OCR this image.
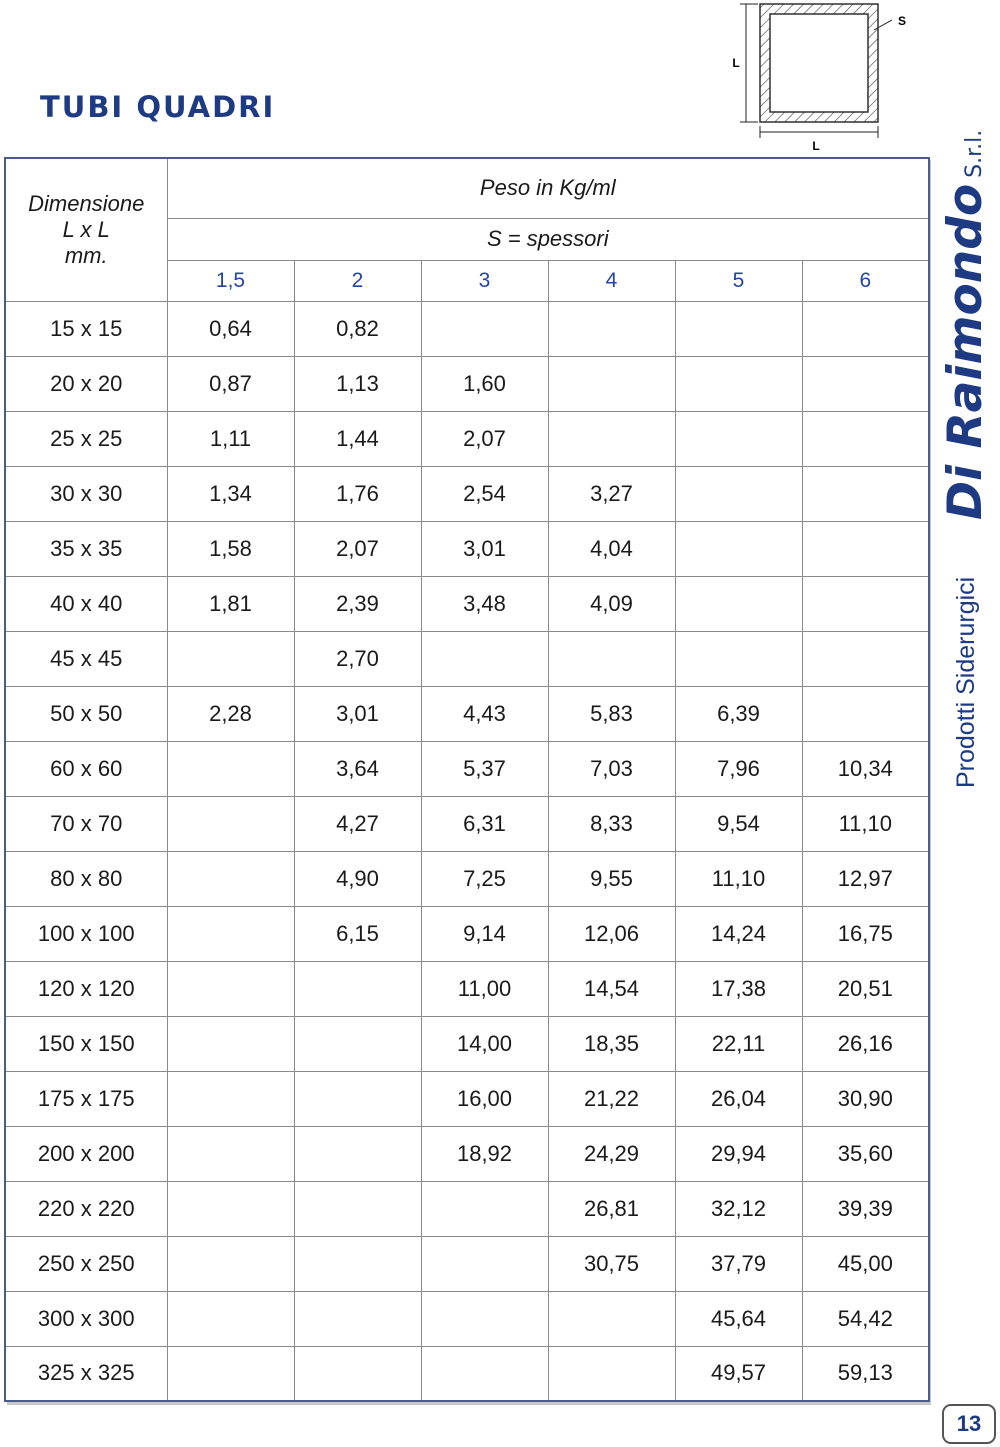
TUBI QUADRI
L
L
S
Dimensione
L x L
mm.	Peso in Kg/ml					
	S = spessori					
	1,5	2	3	4	5	6
15 x 15	0,64	0,82				
20 x 20	0,87	1,13	1,60			
25 x 25	1,11	1,44	2,07			
30 x 30	1,34	1,76	2,54	3,27		
35 x 35	1,58	2,07	3,01	4,04		
40 x 40	1,81	2,39	3,48	4,09		
45 x 45		2,70				
50 x 50	2,28	3,01	4,43	5,83	6,39	
60 x 60		3,64	5,37	7,03	7,96	10,34
70 x 70		4,27	6,31	8,33	9,54	11,10
80 x 80		4,90	7,25	9,55	11,10	12,97
100 x 100		6,15	9,14	12,06	14,24	16,75
120 x 120			11,00	14,54	17,38	20,51
150 x 150			14,00	18,35	22,11	26,16
175 x 175			16,00	21,22	26,04	30,90
200 x 200			18,92	24,29	29,94	35,60
220 x 220				26,81	32,12	39,39
250 x 250				30,75	37,79	45,00
300 x 300					45,64	54,42
325 x 325					49,57	59,13
Di RaimondoS.r.l.
Prodotti Siderurgici
13
